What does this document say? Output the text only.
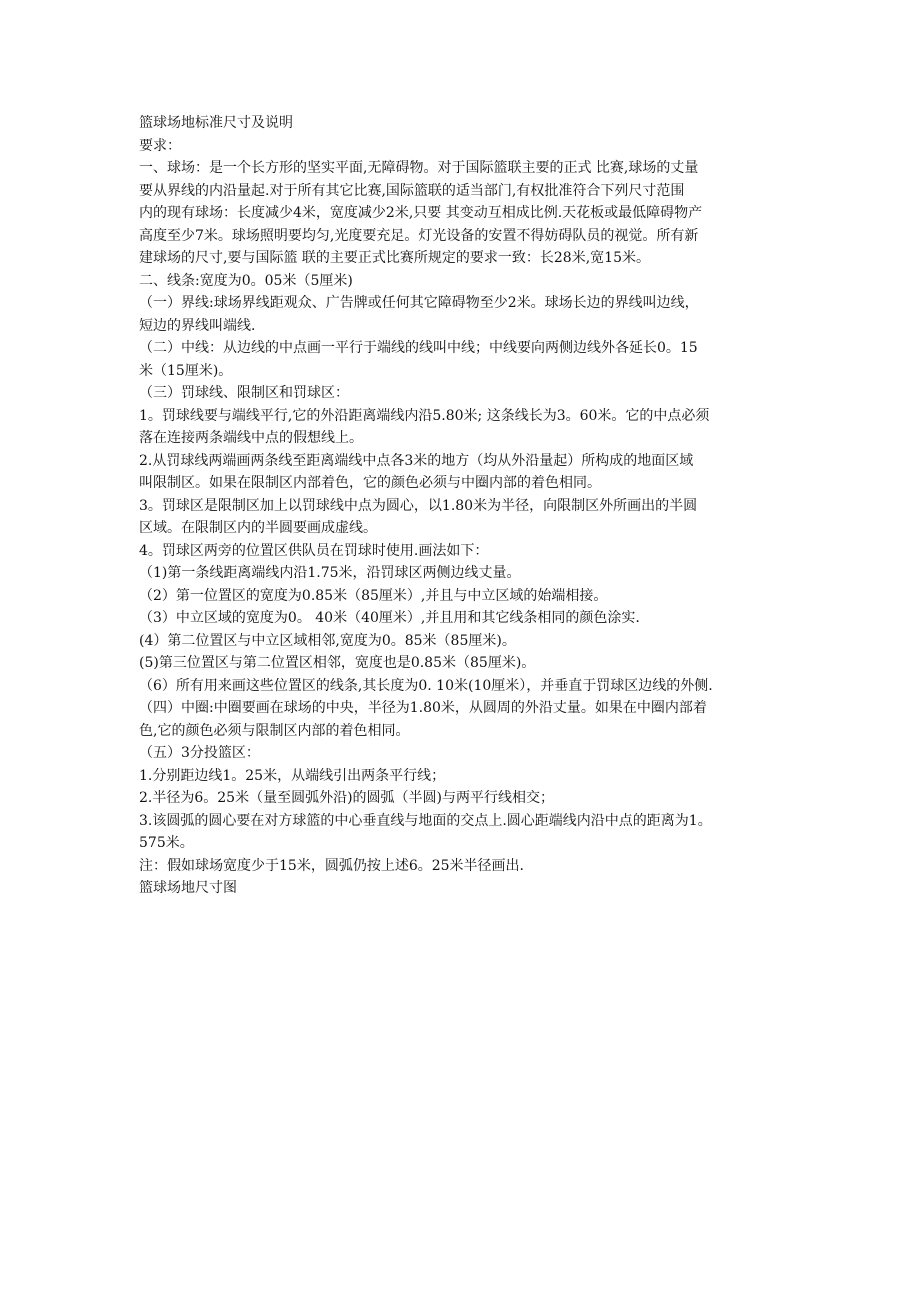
篮球场地标准尺寸及说明

要求：

一、球场：是一个长方形的坚实平面,无障碍物。对于国际篮联主要的正式 比赛,球场的丈量

要从界线的内沿量起.对于所有其它比赛,国际篮联的适当部门,有权批准符合下列尺寸范围

内的现有球场：长度减少4米，宽度减少2米,只要 其变动互相成比例.天花板或最低障碍物产

高度至少7米。球场照明要均匀,光度要充足。灯光设备的安置不得妨碍队员的视觉。所有新

建球场的尺寸,要与国际篮 联的主要正式比赛所规定的要求一致：长28米,宽15米。

二、线条:宽度为0。05米（5厘米)

（一）界线:球场界线距观众、广告牌或任何其它障碍物至少2米。球场长边的界线叫边线，

短边的界线叫端线.

（二）中线：从边线的中点画一平行于端线的线叫中线；中线要向两侧边线外各延长0。15

米（15厘米)。

（三）罚球线、限制区和罚球区：

1。罚球线要与端线平行,它的外沿距离端线内沿5.80米; 这条线长为3。60米。它的中点必须

落在连接两条端线中点的假想线上。

2.从罚球线两端画两条线至距离端线中点各3米的地方（均从外沿量起）所构成的地面区域

叫限制区。如果在限制区内部着色，它的颜色必须与中圈内部的着色相同。

3。罚球区是限制区加上以罚球线中点为圆心，以1.80米为半径，向限制区外所画出的半圆

区域。在限制区内的半圆要画成虚线。

4。罚球区两旁的位置区供队员在罚球时使用.画法如下：

（1)第一条线距离端线内沿1.75米，沿罚球区两侧边线丈量。

（2）第一位置区的宽度为0.85米（85厘米）,并且与中立区域的始端相接。

（3）中立区域的宽度为0。 40米（40厘米）,并且用和其它线条相同的颜色涂实.

(4）第二位置区与中立区域相邻,宽度为0。85米（85厘米)。

(5)第三位置区与第二位置区相邻，宽度也是0.85米（85厘米)。

（6）所有用来画这些位置区的线条,其长度为0. 10米(10厘米），并垂直于罚球区边线的外侧.

（四）中圈:中圈要画在球场的中央，半径为1.80米，从圆周的外沿丈量。如果在中圈内部着

色,它的颜色必须与限制区内部的着色相同。

（五）3分投篮区：

1.分别距边线1。25米，从端线引出两条平行线；

2.半径为6。25米（量至圆弧外沿)的圆弧（半圆)与两平行线相交；

3.该圆弧的圆心要在对方球篮的中心垂直线与地面的交点上.圆心距端线内沿中点的距离为1。

575米。

注：假如球场宽度少于15米，圆弧仍按上述6。25米半径画出.

篮球场地尺寸图
